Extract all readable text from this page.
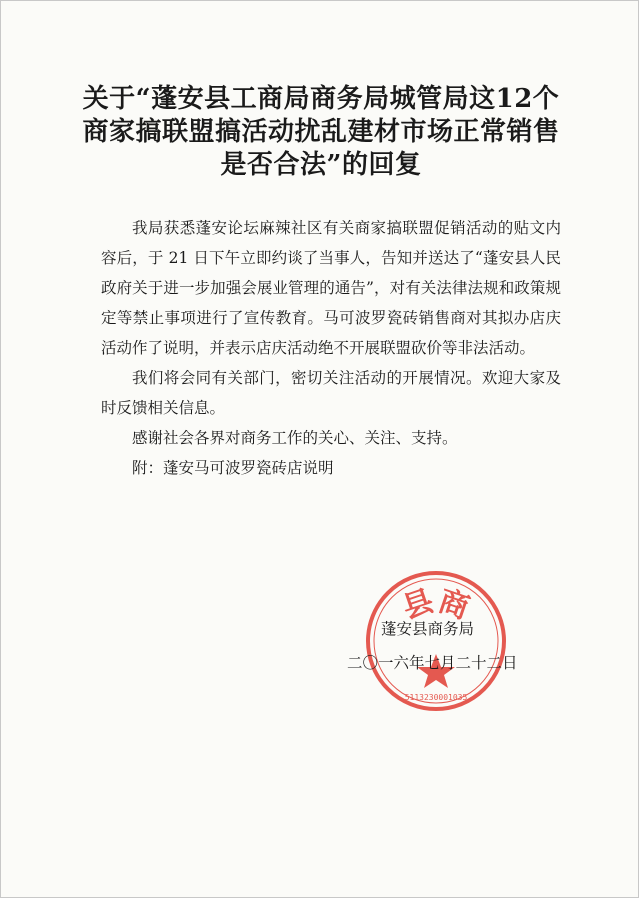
关于“蓬安县工商局商务局城管局这12个
商家搞联盟搞活动扰乱建材市场正常销售
是否合法”的回复

我局获悉蓬安论坛麻辣社区有关商家搞联盟促销活动的贴文内容后，于 21 日下午立即约谈了当事人，告知并送达了“蓬安县人民政府关于进一步加强会展业管理的通告”，对有关法律法规和政策规定等禁止事项进行了宣传教育。马可波罗瓷砖销售商对其拟办店庆活动作了说明，并表示店庆活动绝不开展联盟砍价等非法活动。

我们将会同有关部门，密切关注活动的开展情况。欢迎大家及时反馈相关信息。

感谢社会各界对商务工作的关心、关注、支持。

附：蓬安马可波罗瓷砖店说明

县商
5113230001035
蓬安县商务局
二〇一六年七月二十二日
